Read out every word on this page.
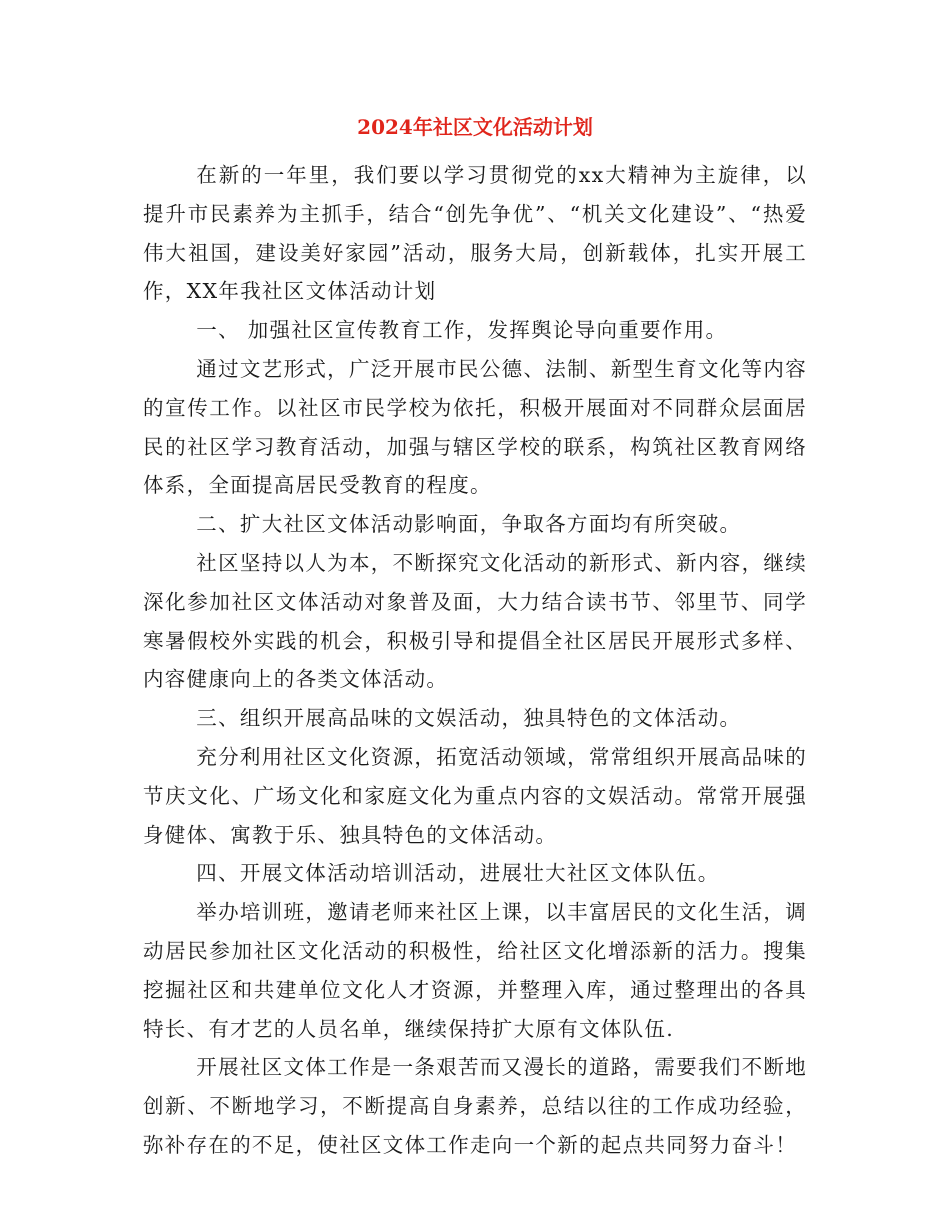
2024年社区文化活动计划

在新的一年里，我们要以学习贯彻党的xx大精神为主旋律，以提升市民素养为主抓手，结合“创先争优”、“机关文化建设”、“热爱伟大祖国，建设美好家园”活动，服务大局，创新载体，扎实开展工作，XX年我社区文体活动计划

一、 加强社区宣传教育工作，发挥舆论导向重要作用。

通过文艺形式，广泛开展市民公德、法制、新型生育文化等内容的宣传工作。以社区市民学校为依托，积极开展面对不同群众层面居民的社区学习教育活动，加强与辖区学校的联系，构筑社区教育网络体系，全面提高居民受教育的程度。

二、扩大社区文体活动影响面，争取各方面均有所突破。

社区坚持以人为本，不断探究文化活动的新形式、新内容，继续深化参加社区文体活动对象普及面，大力结合读书节、邻里节、同学寒暑假校外实践的机会，积极引导和提倡全社区居民开展形式多样、内容健康向上的各类文体活动。

三、组织开展高品味的文娱活动，独具特色的文体活动。

充分利用社区文化资源，拓宽活动领域，常常组织开展高品味的节庆文化、广场文化和家庭文化为重点内容的文娱活动。常常开展强身健体、寓教于乐、独具特色的文体活动。

四、开展文体活动培训活动，进展壮大社区文体队伍。

举办培训班，邀请老师来社区上课，以丰富居民的文化生活，调动居民参加社区文化活动的积极性，给社区文化增添新的活力。搜集挖掘社区和共建单位文化人才资源，并整理入库，通过整理出的各具特长、有才艺的人员名单，继续保持扩大原有文体队伍.

开展社区文体工作是一条艰苦而又漫长的道路，需要我们不断地创新、不断地学习，不断提高自身素养，总结以往的工作成功经验，弥补存在的不足，使社区文体工作走向一个新的起点共同努力奋斗！
